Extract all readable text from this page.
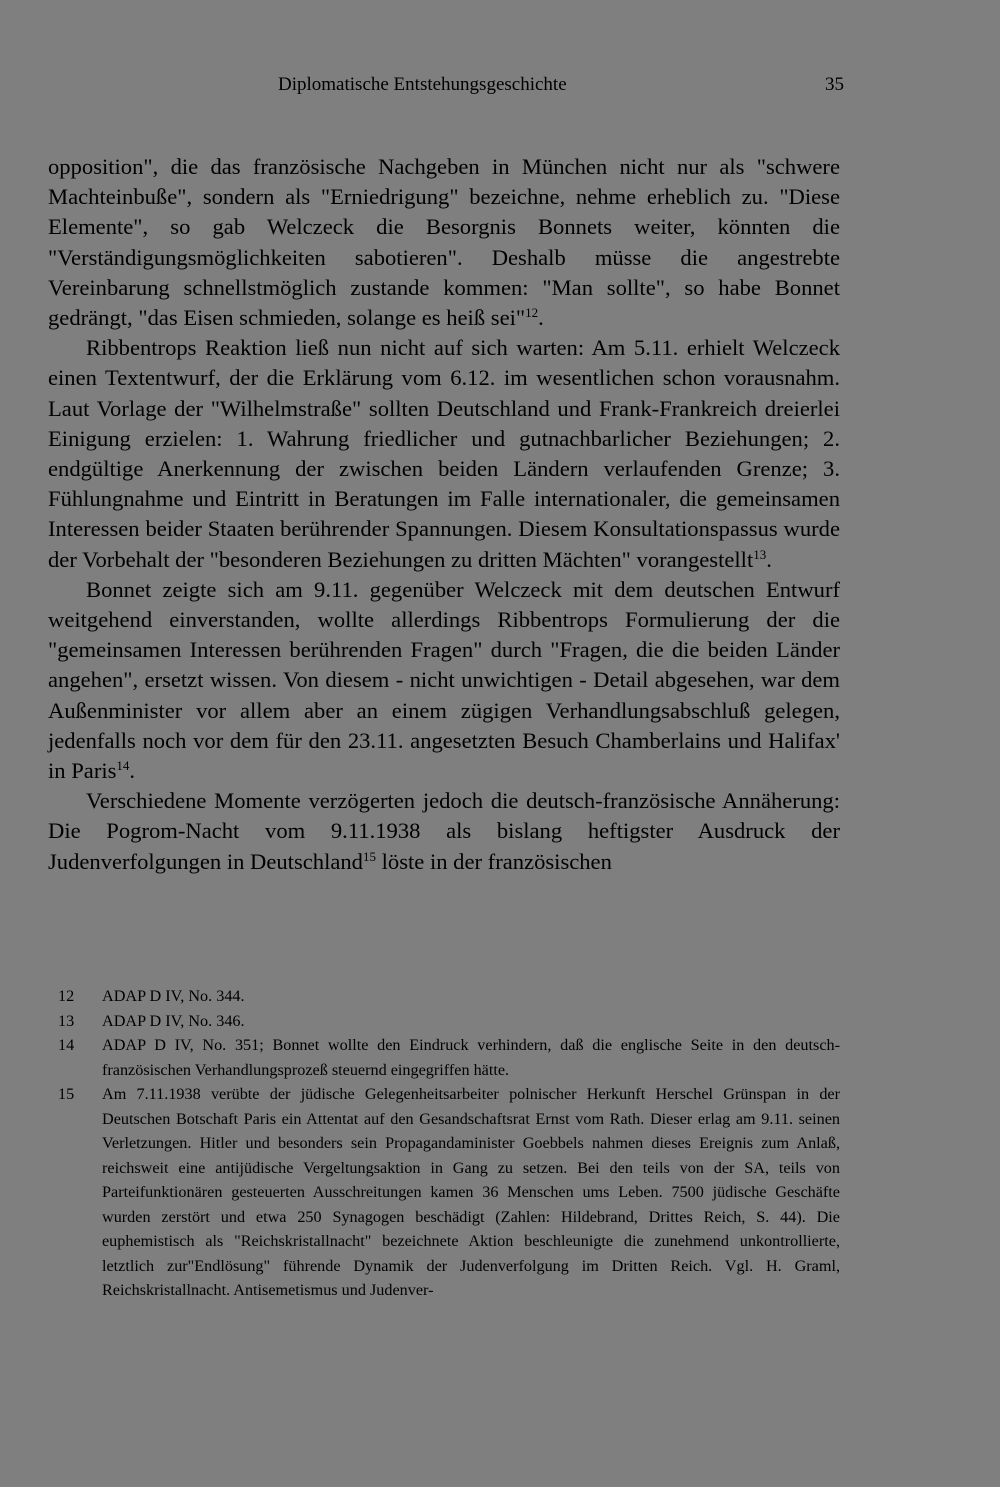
Diplomatische Entstehungsgeschichte	35

opposition", die das französische Nachgeben in München nicht nur als "schwere Machteinbuße", sondern als "Erniedrigung" bezeichne, nehme erheblich zu. "Diese Elemente", so gab Welczeck die Besorgnis Bonnets weiter, könnten die "Verständigungsmöglichkeiten sabotieren". Deshalb müsse die angestrebte Vereinbarung schnellstmöglich zustande kommen: "Man sollte", so habe Bonnet gedrängt, "das Eisen schmieden, solange es heiß sei"$^{12}$.

Ribbentrops Reaktion ließ nun nicht auf sich warten: Am 5.11. erhielt Welczeck einen Textentwurf, der die Erklärung vom 6.12. im wesentlichen schon vorausnahm. Laut Vorlage der "Wilhelmstraße" sollten Deutschland und Frank-Frankreich dreierlei Einigung erzielen: 1. Wahrung friedlicher und gutnachbarlicher Beziehungen; 2. endgültige Anerkennung der zwischen beiden Ländern verlaufenden Grenze; 3. Fühlungnahme und Eintritt in Beratungen im Falle internationaler, die gemeinsamen Interessen beider Staaten berührender Spannungen. Diesem Konsultationspassus wurde der Vorbehalt der "besonderen Beziehungen zu dritten Mächten" vorangestellt$^{13}$.

Bonnet zeigte sich am 9.11. gegenüber Welczeck mit dem deutschen Entwurf weitgehend einverstanden, wollte allerdings Ribbentrops Formulierung der die "gemeinsamen Interessen berührenden Fragen" durch "Fragen, die die beiden Länder angehen", ersetzt wissen. Von diesem - nicht unwichtigen - Detail abgesehen, war dem Außenminister vor allem aber an einem zügigen Verhandlungsabschluß gelegen, jedenfalls noch vor dem für den 23.11. angesetzten Besuch Chamberlains und Halifax' in Paris$^{14}$.

Verschiedene Momente verzögerten jedoch die deutsch-französische Annäherung: Die Pogrom-Nacht vom 9.11.1938 als bislang heftigster Ausdruck der Judenverfolgungen in Deutschland$^{15}$ löste in der französischen

12	ADAP D IV, No. 344.
13	ADAP D IV, No. 346.
14	ADAP D IV, No. 351; Bonnet wollte den Eindruck verhindern, daß die englische Seite in den deutsch-französischen Verhandlungsprozeß steuernd eingegriffen hätte.
15	Am 7.11.1938 verübte der jüdische Gelegenheitsarbeiter polnischer Herkunft Herschel Grünspan in der Deutschen Botschaft Paris ein Attentat auf den Gesandschaftsrat Ernst vom Rath. Dieser erlag am 9.11. seinen Verletzungen. Hitler und besonders sein Propagandaminister Goebbels nahmen dieses Ereignis zum Anlaß, reichsweit eine antijüdische Vergeltungsaktion in Gang zu setzen. Bei den teils von der SA, teils von Parteifunktionären gesteuerten Ausschreitungen kamen 36 Menschen ums Leben. 7500 jüdische Geschäfte wurden zerstört und etwa 250 Synagogen beschädigt (Zahlen: Hildebrand, Drittes Reich, S. 44). Die euphemistisch als "Reichskristallnacht" bezeichnete Aktion beschleunigte die zunehmend unkontrollierte, letztlich zur"Endlösung" führende Dynamik der Judenverfolgung im Dritten Reich. Vgl. H. Graml, Reichskristallnacht. Antisemetismus und Judenver-
